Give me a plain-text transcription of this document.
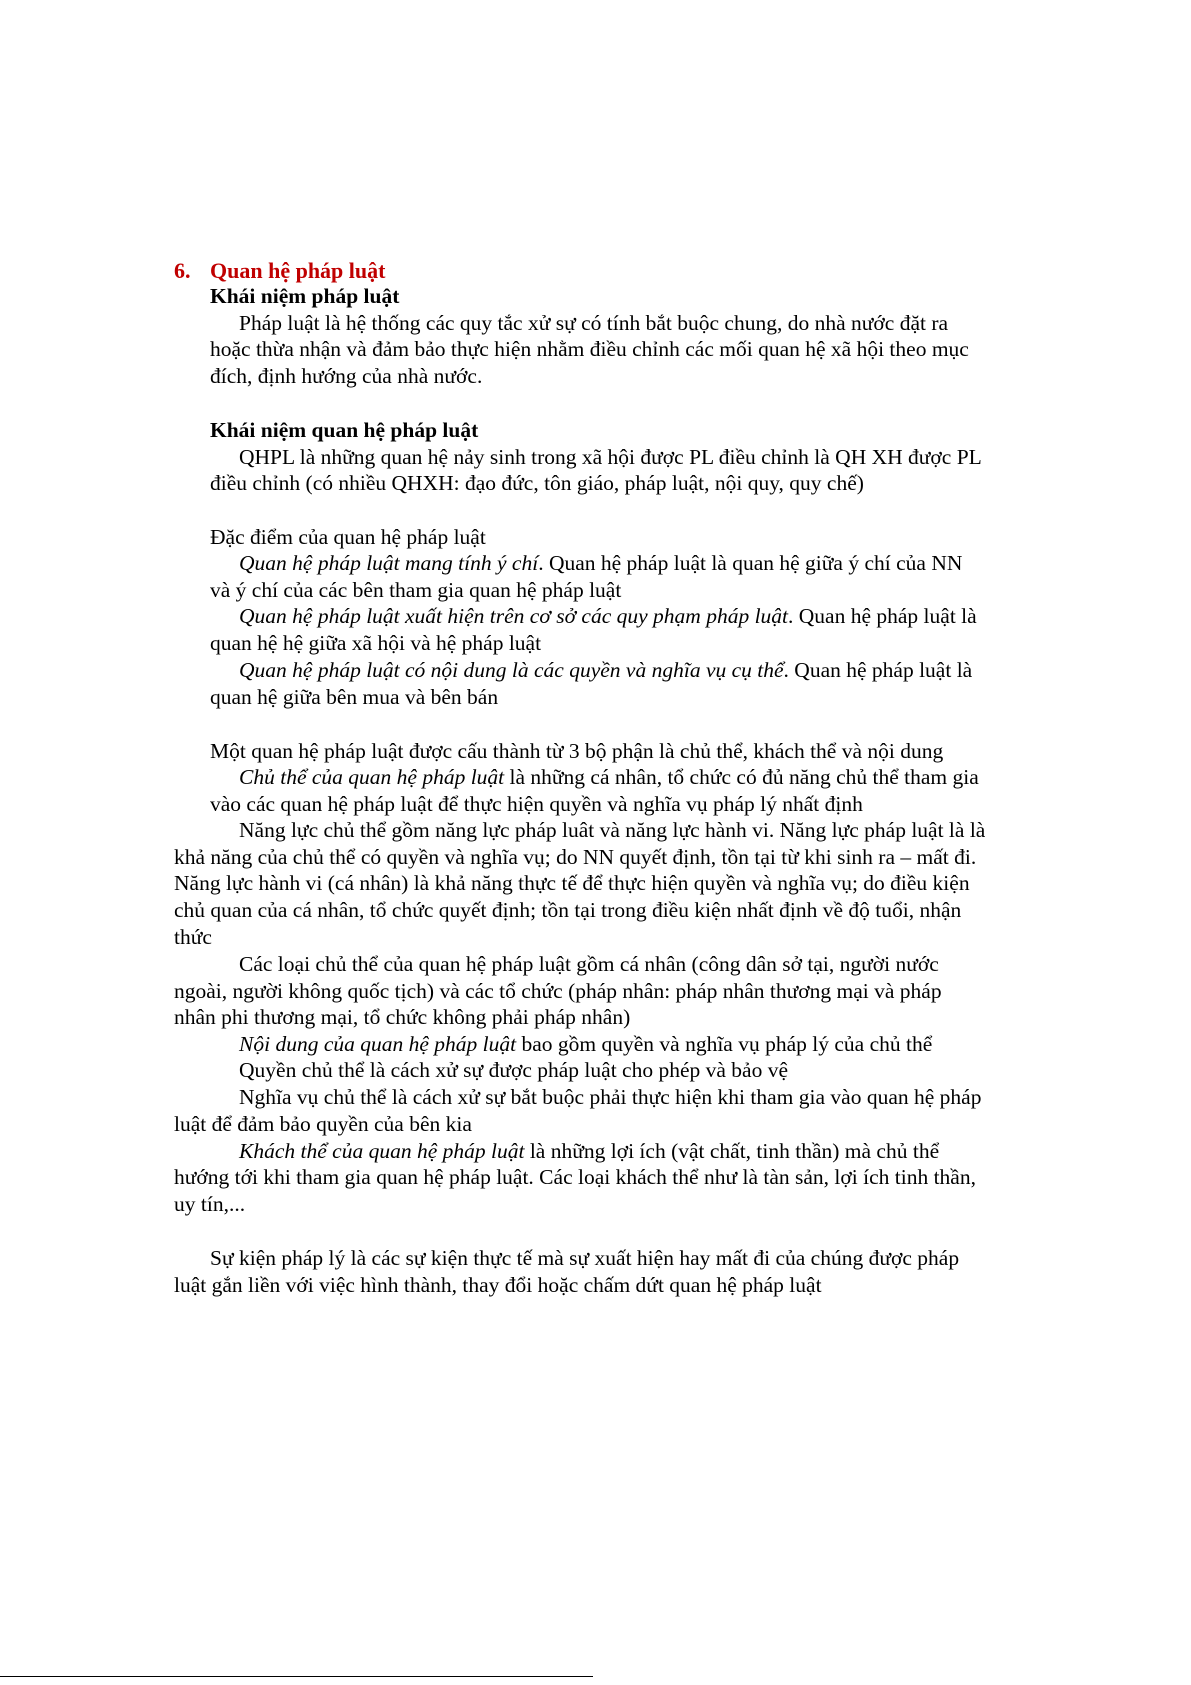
6. Quan hệ pháp luật
Khái niệm pháp luật
Pháp luật là hệ thống các quy tắc xử sự có tính bắt buộc chung, do nhà nước đặt ra
hoặc thừa nhận và đảm bảo thực hiện nhằm điều chỉnh các mối quan hệ xã hội theo mục
đích, định hướng của nhà nước.
Khái niệm quan hệ pháp luật
QHPL là những quan hệ nảy sinh trong xã hội được PL điều chỉnh là QH XH được PL
điều chỉnh (có nhiều QHXH: đạo đức, tôn giáo, pháp luật, nội quy, quy chế)
Đặc điểm của quan hệ pháp luật
Quan hệ pháp luật mang tính ý chí. Quan hệ pháp luật là quan hệ giữa ý chí của NN
và ý chí của các bên tham gia quan hệ pháp luật
Quan hệ pháp luật xuất hiện trên cơ sở các quy phạm pháp luật. Quan hệ pháp luật là
quan hệ hệ giữa xã hội và hệ pháp luật
Quan hệ pháp luật có nội dung là các quyền và nghĩa vụ cụ thể. Quan hệ pháp luật là
quan hệ giữa bên mua và bên bán
Một quan hệ pháp luật được cấu thành từ 3 bộ phận là chủ thể, khách thể và nội dung
Chủ thể của quan hệ pháp luật là những cá nhân, tổ chức có đủ năng chủ thể tham gia
vào các quan hệ pháp luật để thực hiện quyền và nghĩa vụ pháp lý nhất định
Năng lực chủ thể gồm năng lực pháp luât và năng lực hành vi. Năng lực pháp luật là là
khả năng của chủ thể có quyền và nghĩa vụ; do NN quyết định, tồn tại từ khi sinh ra – mất đi.
Năng lực hành vi (cá nhân) là khả năng thực tế để thực hiện quyền và nghĩa vụ; do điều kiện
chủ quan của cá nhân, tổ chức quyết định; tồn tại trong điều kiện nhất định về độ tuổi, nhận
thức
Các loại chủ thể của quan hệ pháp luật gồm cá nhân (công dân sở tại, người nước
ngoài, người không quốc tịch) và các tổ chức (pháp nhân: pháp nhân thương mại và pháp
nhân phi thương mại, tổ chức không phải pháp nhân)
Nội dung của quan hệ pháp luật bao gồm quyền và nghĩa vụ pháp lý của chủ thể
Quyền chủ thể là cách xử sự được pháp luật cho phép và bảo vệ
Nghĩa vụ chủ thể là cách xử sự bắt buộc phải thực hiện khi tham gia vào quan hệ pháp
luật để đảm bảo quyền của bên kia
Khách thể của quan hệ pháp luật là những lợi ích (vật chất, tinh thần) mà chủ thể
hướng tới khi tham gia quan hệ pháp luật. Các loại khách thể như là tàn sản, lợi ích tinh thần,
uy tín,...
Sự kiện pháp lý là các sự kiện thực tế mà sự xuất hiện hay mất đi của chúng được pháp
luật gắn liền với việc hình thành, thay đổi hoặc chấm dứt quan hệ pháp luật
